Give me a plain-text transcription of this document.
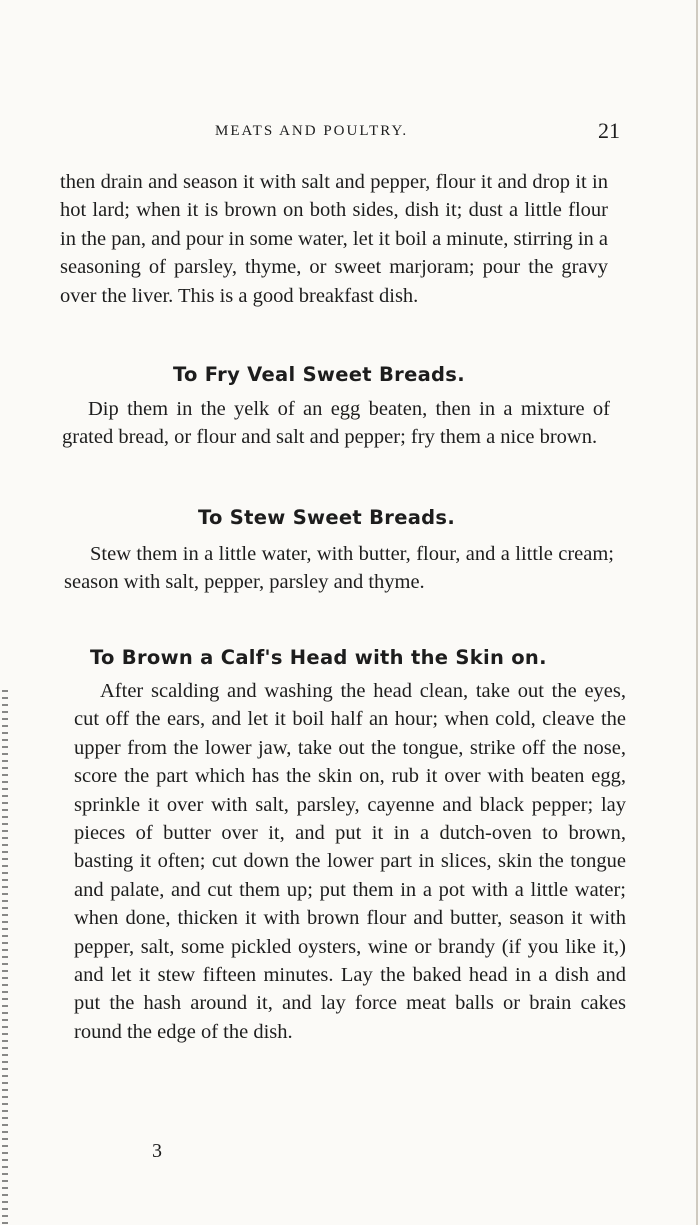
MEATS AND POULTRY.	21
then drain and season it with salt and pepper, flour it and drop it in hot lard; when it is brown on both sides, dish it; dust a little flour in the pan, and pour in some water, let it boil a minute, stirring in a seasoning of parsley, thyme, or sweet marjoram; pour the gravy over the liver. This is a good breakfast dish.
To Fry Veal Sweet Breads.
Dip them in the yelk of an egg beaten, then in a mixture of grated bread, or flour and salt and pepper; fry them a nice brown.
To Stew Sweet Breads.
Stew them in a little water, with butter, flour, and a little cream; season with salt, pepper, parsley and thyme.
To Brown a Calf's Head with the Skin on.
After scalding and washing the head clean, take out the eyes, cut off the ears, and let it boil half an hour; when cold, cleave the upper from the lower jaw, take out the tongue, strike off the nose, score the part which has the skin on, rub it over with beaten egg, sprinkle it over with salt, parsley, cayenne and black pepper; lay pieces of butter over it, and put it in a dutch-oven to brown, basting it often; cut down the lower part in slices, skin the tongue and palate, and cut them up; put them in a pot with a little water; when done, thicken it with brown flour and butter, season it with pepper, salt, some pickled oysters, wine or brandy (if you like it,) and let it stew fifteen minutes. Lay the baked head in a dish and put the hash around it, and lay force meat balls or brain cakes round the edge of the dish.
3
